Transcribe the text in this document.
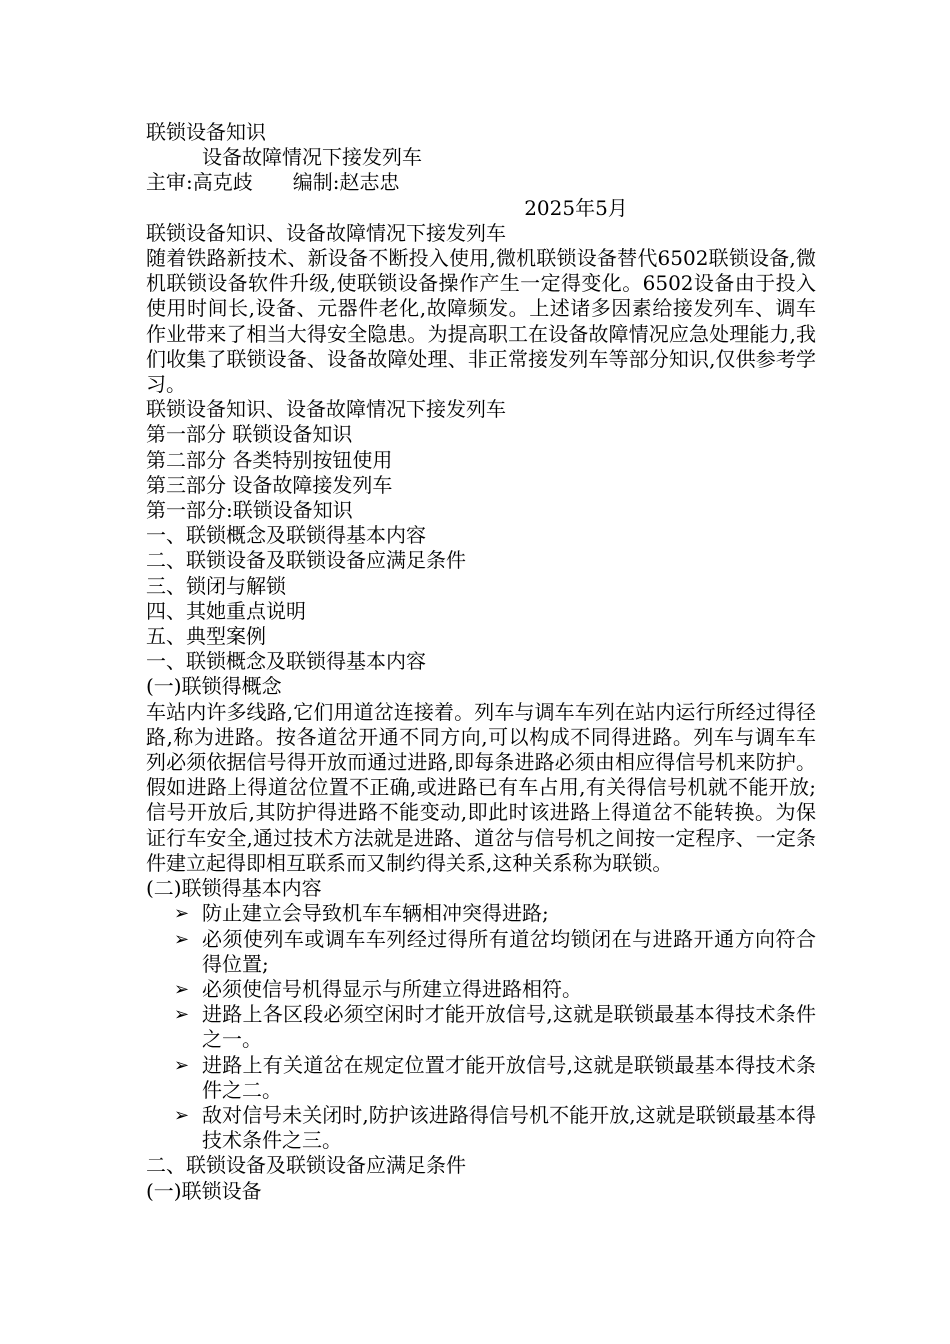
联锁设备知识
设备故障情况下接发列车
主审:高克歧 编制:赵志忠
2025年5月
联锁设备知识、设备故障情况下接发列车
随着铁路新技术、新设备不断投入使用,微机联锁设备替代6502联锁设备,微机联锁设备软件升级,使联锁设备操作产生一定得变化。6502设备由于投入使用时间长,设备、元器件老化,故障频发。上述诸多因素给接发列车、调车作业带来了相当大得安全隐患。为提高职工在设备故障情况应急处理能力,我们收集了联锁设备、设备故障处理、非正常接发列车等部分知识,仅供参考学习。
联锁设备知识、设备故障情况下接发列车
第一部分 联锁设备知识
第二部分 各类特别按钮使用
第三部分 设备故障接发列车
第一部分:联锁设备知识
一、联锁概念及联锁得基本内容
二、联锁设备及联锁设备应满足条件
三、锁闭与解锁
四、其她重点说明
五、典型案例
一、联锁概念及联锁得基本内容
(一)联锁得概念
车站内许多线路,它们用道岔连接着。列车与调车车列在站内运行所经过得径路,称为进路。按各道岔开通不同方向,可以构成不同得进路。列车与调车车列必须依据信号得开放而通过进路,即每条进路必须由相应得信号机来防护。假如进路上得道岔位置不正确,或进路已有车占用,有关得信号机就不能开放;信号开放后,其防护得进路不能变动,即此时该进路上得道岔不能转换。为保证行车安全,通过技术方法就是进路、道岔与信号机之间按一定程序、一定条件建立起得即相互联系而又制约得关系,这种关系称为联锁。
(二)联锁得基本内容
➢ 防止建立会导致机车车辆相冲突得进路;
➢ 必须使列车或调车车列经过得所有道岔均锁闭在与进路开通方向符合得位置;
➢ 必须使信号机得显示与所建立得进路相符。
➢ 进路上各区段必须空闲时才能开放信号,这就是联锁最基本得技术条件之一。
➢ 进路上有关道岔在规定位置才能开放信号,这就是联锁最基本得技术条件之二。
➢ 敌对信号未关闭时,防护该进路得信号机不能开放,这就是联锁最基本得技术条件之三。
二、联锁设备及联锁设备应满足条件
(一)联锁设备
